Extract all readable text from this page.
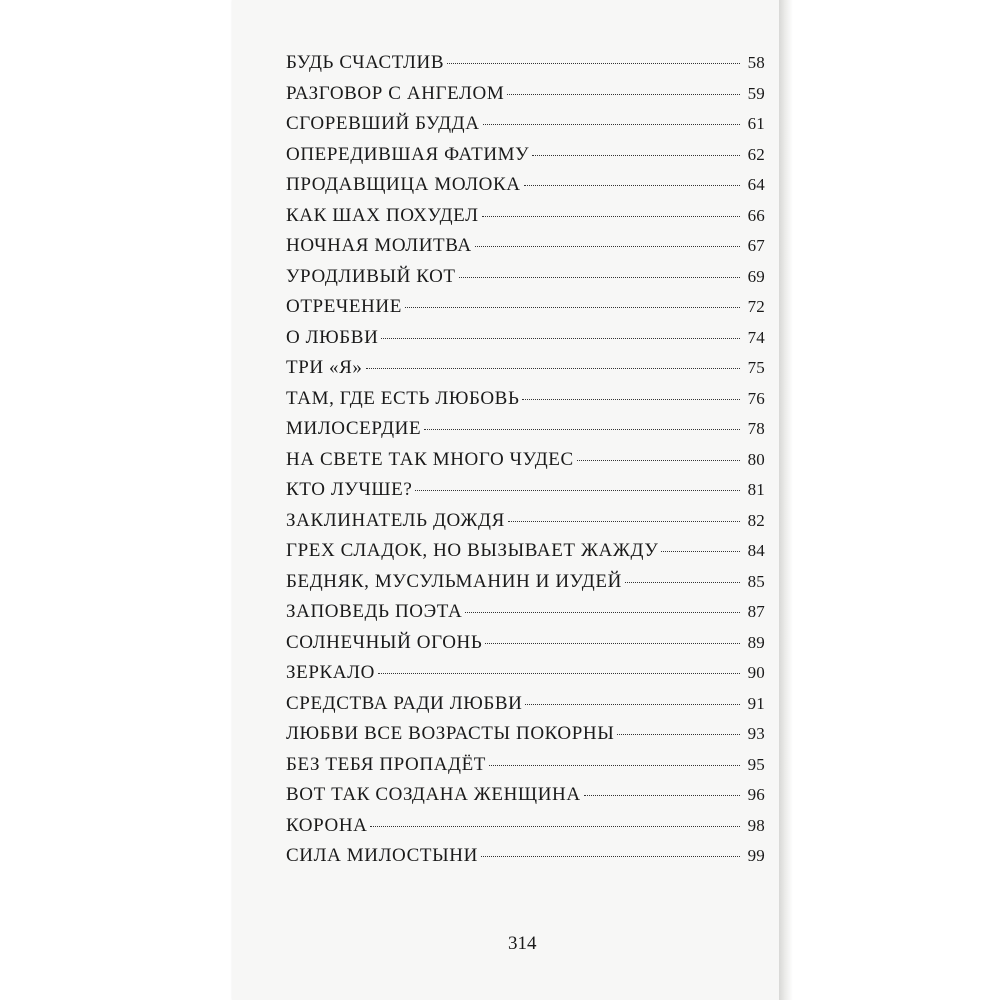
БУДЬ СЧАСТЛИВ	58
РАЗГОВОР С АНГЕЛОМ	59
СГОРЕВШИЙ БУДДА	61
ОПЕРЕДИВШАЯ ФАТИМУ	62
ПРОДАВЩИЦА МОЛОКА	64
КАК ШАХ ПОХУДЕЛ	66
НОЧНАЯ МОЛИТВА	67
УРОДЛИВЫЙ КОТ	69
ОТРЕЧЕНИЕ	72
О ЛЮБВИ	74
ТРИ «Я»	75
ТАМ, ГДЕ ЕСТЬ ЛЮБОВЬ	76
МИЛОСЕРДИЕ	78
НА СВЕТЕ ТАК МНОГО ЧУДЕС	80
КТО ЛУЧШЕ?	81
ЗАКЛИНАТЕЛЬ ДОЖДЯ	82
ГРЕХ СЛАДОК, НО ВЫЗЫВАЕТ ЖАЖДУ	84
БЕДНЯК, МУСУЛЬМАНИН И ИУДЕЙ	85
ЗАПОВЕДЬ ПОЭТА	87
СОЛНЕЧНЫЙ ОГОНЬ	89
ЗЕРКАЛО	90
СРЕДСТВА РАДИ ЛЮБВИ	91
ЛЮБВИ ВСЕ ВОЗРАСТЫ ПОКОРНЫ	93
БЕЗ ТЕБЯ ПРОПАДЁТ	95
ВОТ ТАК СОЗДАНА ЖЕНЩИНА	96
КОРОНА	98
СИЛА МИЛОСТЫНИ	99
314
